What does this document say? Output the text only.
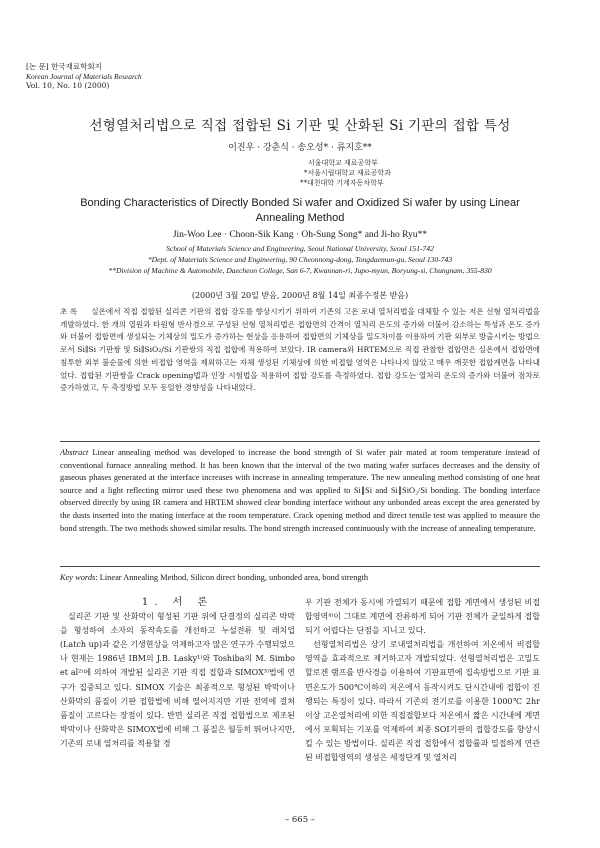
[논 문] 한국재료학회지
Korean Journal of Materials Research
Vol. 10, No. 10 (2000)
선형열처리법으로 직접 접합된 Si 기판 및 산화된 Si 기판의 접합 특성
이진우 · 강춘식 · 송오성* · 류지호**
서울대학교 재료공학부
*서울시립대학교 재료공학과
**대천대학 기계자동차학부
Bonding Characteristics of Directly Bonded Si wafer and Oxidized Si wafer by using Linear Annealing Method
Jin-Woo Lee · Choon-Sik Kang · Oh-Sung Song* and Ji-ho Ryu**
School of Materials Science and Engineering, Seoul National University, Seoul 151-742
*Dept. of Materials Science and Engineering, 90 Cheonnong-dong, Tongdaemun-gu, Seoul 130-743
**Division of Machine & Automobile, Daecheon College, San 6-7, Kwannan-ri, Jupo-myun, Boryung-si, Chungnam, 355-830
(2000년 3월 20일 받음, 2000년 8월 14일 최종수정본 받음)
초 록 실온에서 직접 접합된 실리콘 기판의 접합 강도를 향상시키기 위하여 기존의 고온 로내 열처리법을 대체할 수 있는 저온 선형 열처리법을 개발하였다. 한 개의 열원과 타원형 반사경으로 구성된 선형 열처리법은 접합면의 간격이 열처리 온도의 증가와 더불어 감소하는 특성과 온도 증가와 더불어 접합면에 생성되는 기체상의 밀도가 증가하는 현상을 응용하여 접합면의 기체상을 밀도차이를 이용하여 기판 외부로 방출시키는 방법으로서 Si∥Si 기판쌍 및 Si∥SiO₂/Si 기판쌍의 직접 접합에 적용하여 보았다. IR camera와 HRTEM으로 직접 관찰한 접합면은 실온에서 접합면에 침투한 외부 불순물에 의한 비접합 영역을 제외하고는 자체 생성된 기체상에 의한 비접합 영역은 나타나지 않았고 매우 깨끗한 접합계면을 나타내었다. 접합된 기판쌍을 Crack opening법과 인장 시험법을 적용하여 접합 강도를 측정하였다. 접합 강도는 열처리 온도의 증가와 더불어 점차로 증가하였고, 두 측정방법 모두 동일한 경향성을 나타내었다.
Abstract Linear annealing method was developed to increase the bond strength of Si wafer pair mated at room temperature instead of conventional furnace annealing method. It has been known that the interval of the two mating wafer surfaces decreases and the density of gaseous phases generated at the interface increases with increase in annealing temperature. The new annealing method consisting of one heat source and a light reflecting mirror used these two phenomena and was applied to Si∥Si and Si∥SiO₂/Si bonding. The bonding interface observed directly by using IR camera and HRTEM showed clear bonding interface without any unbonded areas except the area generated by the dusts inserted into the mating interface at the room temperature. Crack opening method and direct tensile test was applied to measure the bond strength. The two methods showed similar results. The bond strength increased continuously with the increase of annealing temperature.
Key words: Linear Annealing Method, Silicon direct bonding, unbonded area, bond strength

1. 서 론

실리콘 기판 및 산화막이 형성된 기판 위에 단결정의 실리콘 박막을 형성하여 소자의 동작속도를 개선하고 누설전류 및 래치업(Latch up)과 같은 기생현상을 억제하고자 많은 연구가 수행되었으나 현재는 1986년 IBM의 J.B. Lasky¹⁾와 Toshiba의 M. Simbo et al²⁾에 의하여 개발된 실리콘 기판 직접 접합과 SIMOX³⁾법에 연구가 집중되고 있다. SIMOX 기술은 최종적으로 형성된 박막이나 산화막의 품질이 기판 접합법에 비해 떨어지지만 기판 전역에 걸쳐 품질이 고르다는 장점이 있다. 반면 실리콘 직접 접합법으로 제조된 박막이나 산화막은 SIMOX법에 비해 그 품질은 월등히 뛰어나지만, 기존의 로내 열처리를 적용할 경

우 기판 전체가 동시에 가열되기 때문에 접합 계면에서 생성된 비접합영역⁴⁾이 그대로 계면에 잔류하게 되어 기판 전체가 균일하게 접합되기 어렵다는 단점을 지니고 있다.

선형열처리법은 상기 로내열처리법을 개선하여 저온에서 비접합 영역을 효과적으로 제거하고자 개발되었다. 선형열처리법은 고밀도 할로겐 램프를 반사경을 이용하여 기판표면에 집속방법으로 기판 표면온도가 500℃이하의 저온에서 동작시켜도 단시간내에 접합이 진행되는 특징이 있다. 따라서 기존의 전기로를 이용한 1000℃ 2hr이상 고온열처리에 의한 직접접합보다 저온에서 짧은 시간내에 계면에서 포획되는 기포를 억제하여 최종 SOI기판의 접합강도를 향상시킬 수 있는 방법이다. 실리콘 직접 접합에서 접합률과 밀접하게 연관된 비접합영역의 생성은 세정단계 및 열처리

– 665 –
